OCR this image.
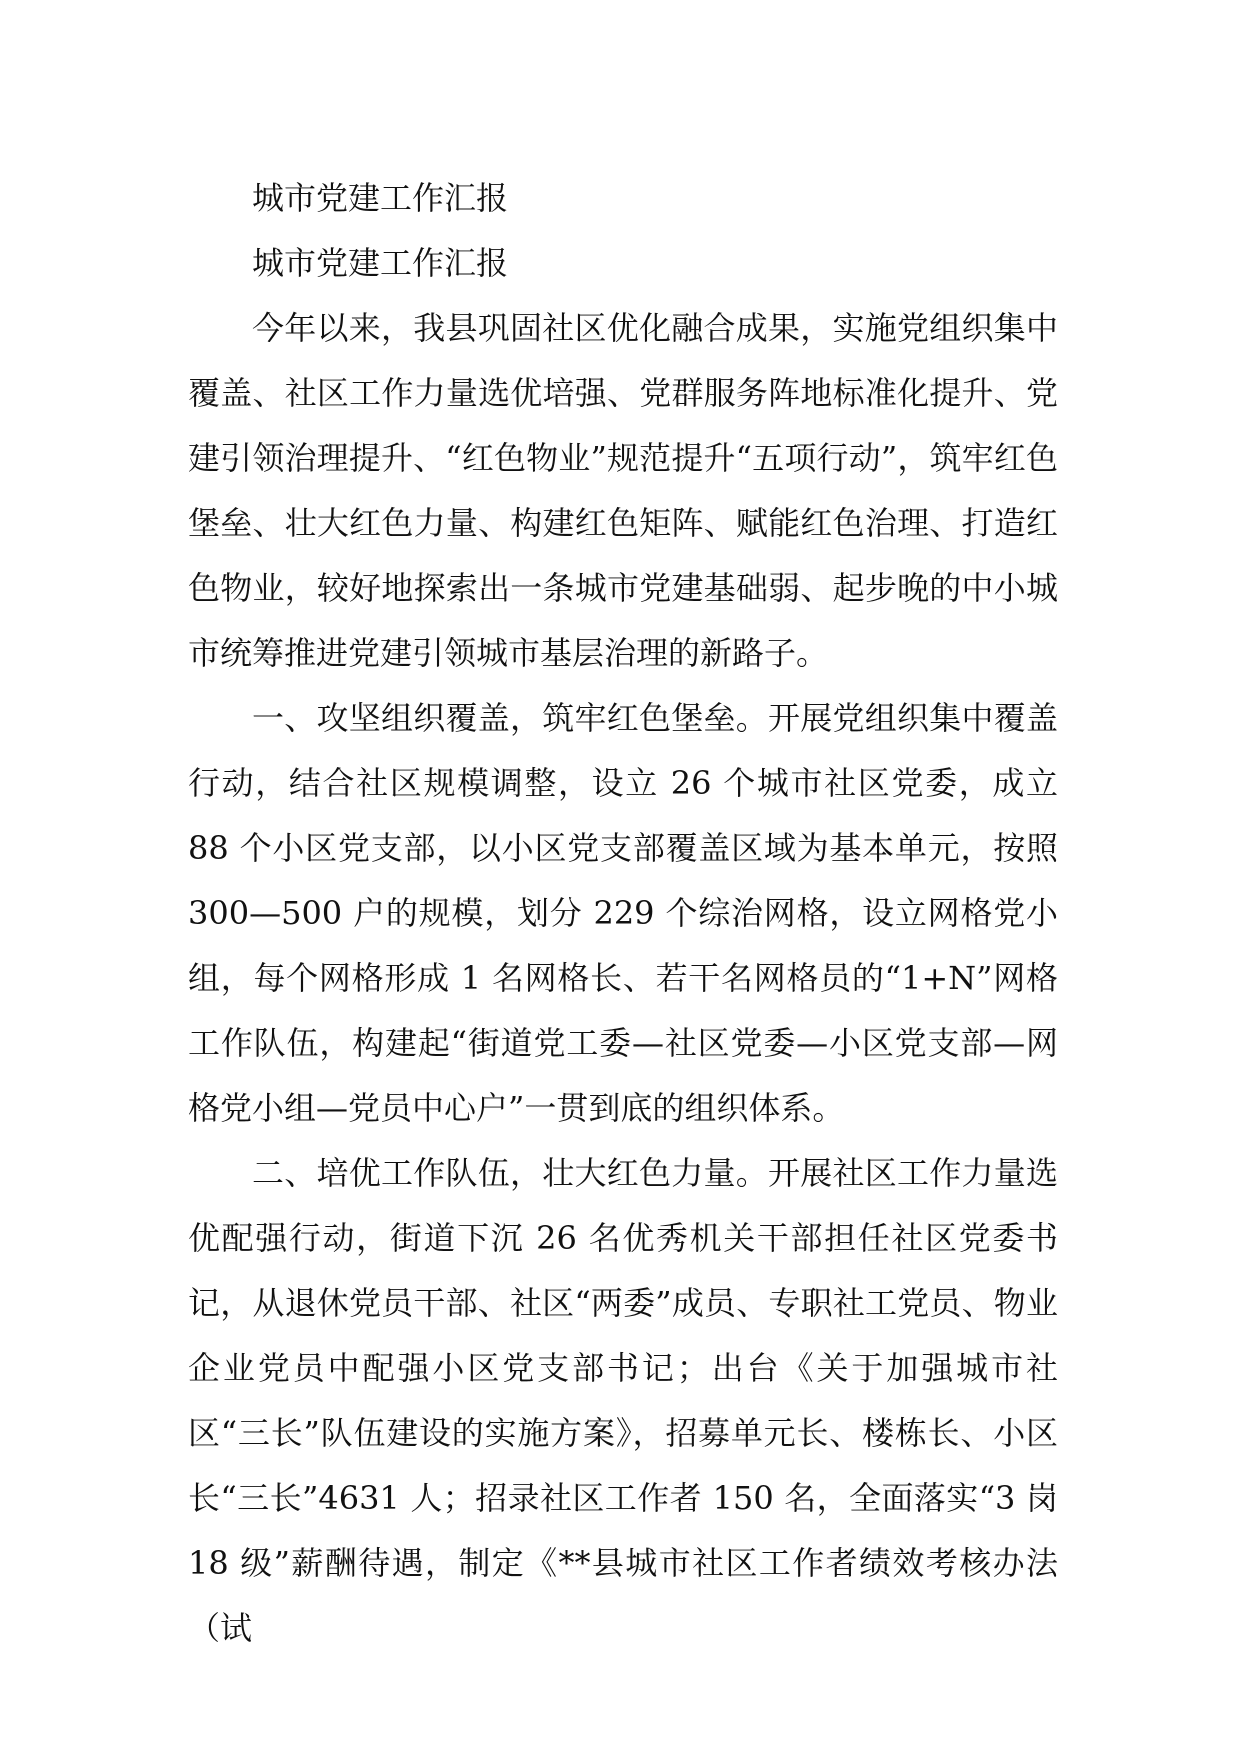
城市党建工作汇报
城市党建工作汇报

今年以来，我县巩固社区优化融合成果，实施党组织集中覆盖、社区工作力量选优培强、党群服务阵地标准化提升、党建引领治理提升、“红色物业”规范提升“五项行动”，筑牢红色堡垒、壮大红色力量、构建红色矩阵、赋能红色治理、打造红色物业，较好地探索出一条城市党建基础弱、起步晚的中小城市统筹推进党建引领城市基层治理的新路子。

一、攻坚组织覆盖，筑牢红色堡垒。开展党组织集中覆盖行动，结合社区规模调整，设立 26 个城市社区党委，成立 88 个小区党支部，以小区党支部覆盖区域为基本单元，按照 300—500 户的规模，划分 229 个综治网格，设立网格党小组，每个网格形成 1 名网格长、若干名网格员的“1+N”网格工作队伍，构建起“街道党工委—社区党委—小区党支部—网格党小组—党员中心户”一贯到底的组织体系。

二、培优工作队伍，壮大红色力量。开展社区工作力量选优配强行动，街道下沉 26 名优秀机关干部担任社区党委书记，从退休党员干部、社区“两委”成员、专职社工党员、物业企业党员中配强小区党支部书记；出台《关于加强城市社区“三长”队伍建设的实施方案》，招募单元长、楼栋长、小区长“三长”4631 人；招录社区工作者 150 名，全面落实“3 岗 18 级”薪酬待遇，制定《**县城市社区工作者绩效考核办法（试
